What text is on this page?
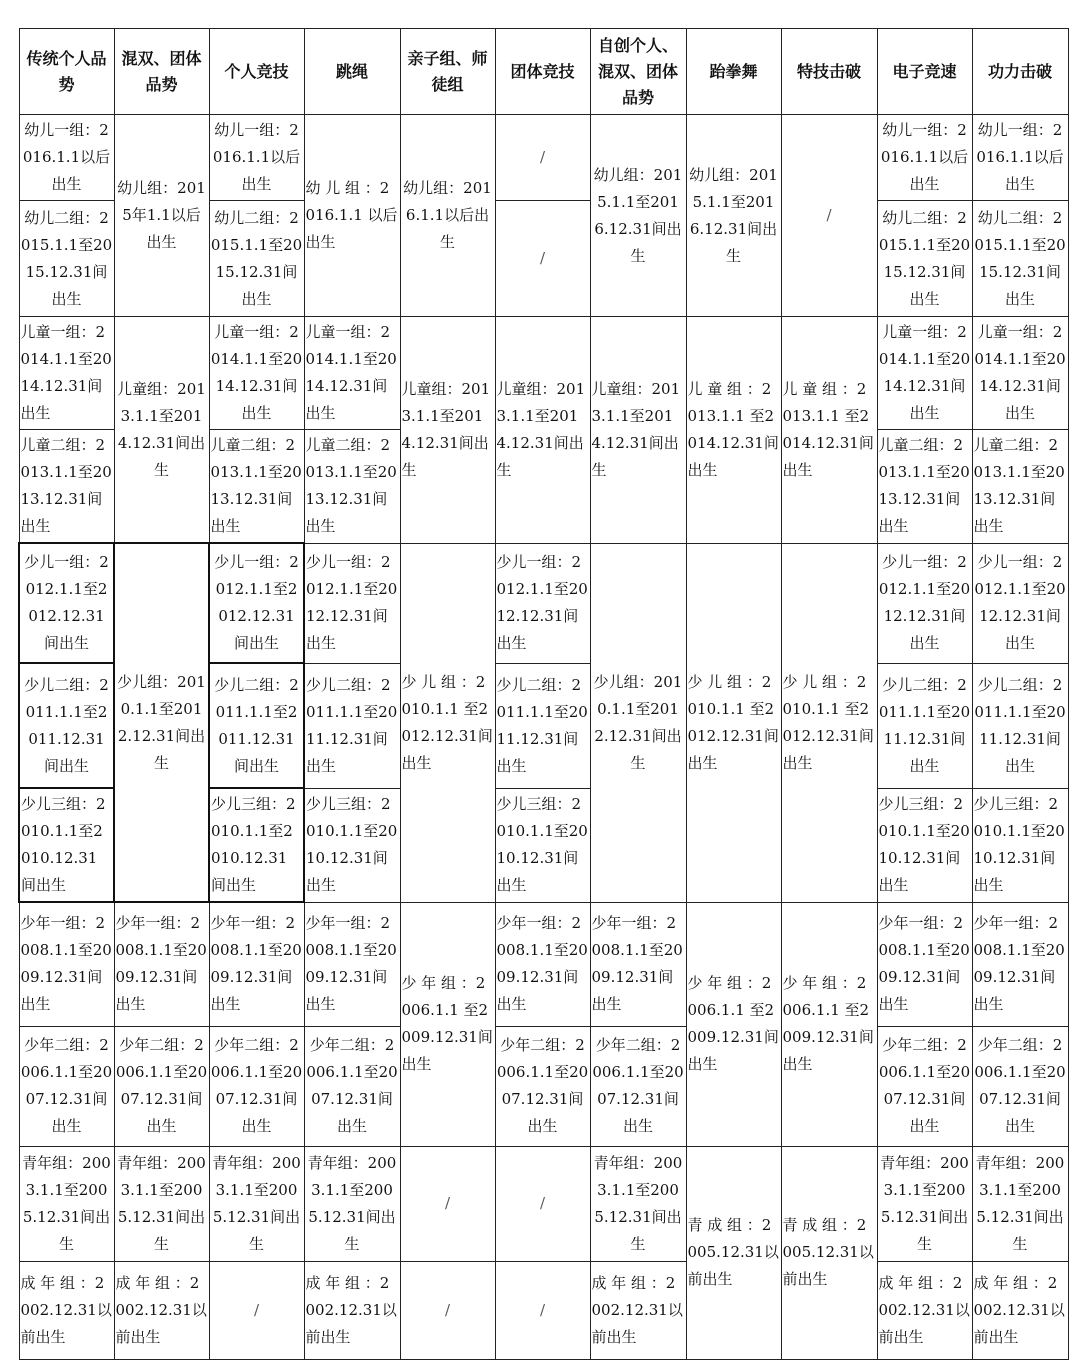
传统个人品势	混双、团体品势	个人竞技	跳绳	亲子组、师徒组	团体竞技	自创个人、混双、团体品势	跆拳舞	特技击破	电子竞速	功力击破
幼儿一组：2016.1.1以后出生	幼儿组：2015年1.1以后出生	幼儿一组：2016.1.1以后出生	幼 儿 组 ：2016.1.1 以后出生	幼儿组：2016.1.1以后出生	/	幼儿组：2015.1.1至2016.12.31间出生	幼儿组：2015.1.1至2016.12.31间出生	/	幼儿一组：2016.1.1以后出生	幼儿一组：2016.1.1以后出生
幼儿二组：2015.1.1至2015.12.31间出生		幼儿二组：2015.1.1至2015.12.31间出生			/				幼儿二组：2015.1.1至2015.12.31间出生	幼儿二组：2015.1.1至2015.12.31间出生
儿童一组：2014.1.1至2014.12.31间出生	儿童组：2013.1.1至2014.12.31间出生	儿童一组：2014.1.1至2014.12.31间出生	儿童一组：2014.1.1至2014.12.31间出生	儿童组：2013.1.1至2014.12.31间出生	儿童组：2013.1.1至2014.12.31间出生	儿童组：2013.1.1至2014.12.31间出生	儿 童 组 ：2013.1.1 至2014.12.31间出生	儿 童 组 ：2013.1.1 至2014.12.31间出生	儿童一组：2014.1.1至2014.12.31间出生	儿童一组：2014.1.1至2014.12.31间出生
儿童二组：2013.1.1至2013.12.31间出生		儿童二组：2013.1.1至2013.12.31间出生	儿童二组：2013.1.1至2013.12.31间出生						儿童二组：2013.1.1至2013.12.31间出生	儿童二组：2013.1.1至2013.12.31间出生
少儿一组：2012.1.1至2012.12.31间出生	少儿组：2010.1.1至2012.12.31间出生	少儿一组：2012.1.1至2012.12.31间出生	少儿一组：2012.1.1至2012.12.31间出生	少 儿 组 ：2010.1.1 至2012.12.31间出生	少儿一组：2012.1.1至2012.12.31间出生	少儿组：2010.1.1至2012.12.31间出生	少 儿 组 ：2010.1.1 至2012.12.31间出生	少 儿 组 ：2010.1.1 至2012.12.31间出生	少儿一组：2012.1.1至2012.12.31间出生	少儿一组：2012.1.1至2012.12.31间出生
少儿二组：2011.1.1至2011.12.31间出生		少儿二组：2011.1.1至2011.12.31间出生	少儿二组：2011.1.1至2011.12.31间出生		少儿二组：2011.1.1至2011.12.31间出生				少儿二组：2011.1.1至2011.12.31间出生	少儿二组：2011.1.1至2011.12.31间出生
少儿三组：2010.1.1至2010.12.31间出生		少儿三组：2010.1.1至2010.12.31间出生	少儿三组：2010.1.1至2010.12.31间出生		少儿三组：2010.1.1至2010.12.31间出生				少儿三组：2010.1.1至2010.12.31间出生	少儿三组：2010.1.1至2010.12.31间出生
少年一组：2008.1.1至2009.12.31间出生	少年一组：2008.1.1至2009.12.31间出生	少年一组：2008.1.1至2009.12.31间出生	少年一组：2008.1.1至2009.12.31间出生	少 年 组 ：2006.1.1 至2009.12.31间出生	少年一组：2008.1.1至2009.12.31间出生	少年一组：2008.1.1至2009.12.31间出生	少 年 组 ：2006.1.1 至2009.12.31间出生	少 年 组 ：2006.1.1 至2009.12.31间出生	少年一组：2008.1.1至2009.12.31间出生	少年一组：2008.1.1至2009.12.31间出生
少年二组：2006.1.1至2007.12.31间出生	少年二组：2006.1.1至2007.12.31间出生	少年二组：2006.1.1至2007.12.31间出生	少年二组：2006.1.1至2007.12.31间出生		少年二组：2006.1.1至2007.12.31间出生	少年二组：2006.1.1至2007.12.31间出生			少年二组：2006.1.1至2007.12.31间出生	少年二组：2006.1.1至2007.12.31间出生
青年组：2003.1.1至2005.12.31间出生	青年组：2003.1.1至2005.12.31间出生	青年组：2003.1.1至2005.12.31间出生	青年组：2003.1.1至2005.12.31间出生	/	/	青年组：2003.1.1至2005.12.31间出生	青 成 组 ：2005.12.31以前出生	青 成 组 ：2005.12.31以前出生	青年组：2003.1.1至2005.12.31间出生	青年组：2003.1.1至2005.12.31间出生
成 年 组 ：2002.12.31以前出生	成 年 组 ：2002.12.31以前出生	/	成 年 组 ：2002.12.31以前出生	/	/	成 年 组 ：2002.12.31以前出生			成 年 组 ：2002.12.31以前出生	成 年 组 ：2002.12.31以前出生
